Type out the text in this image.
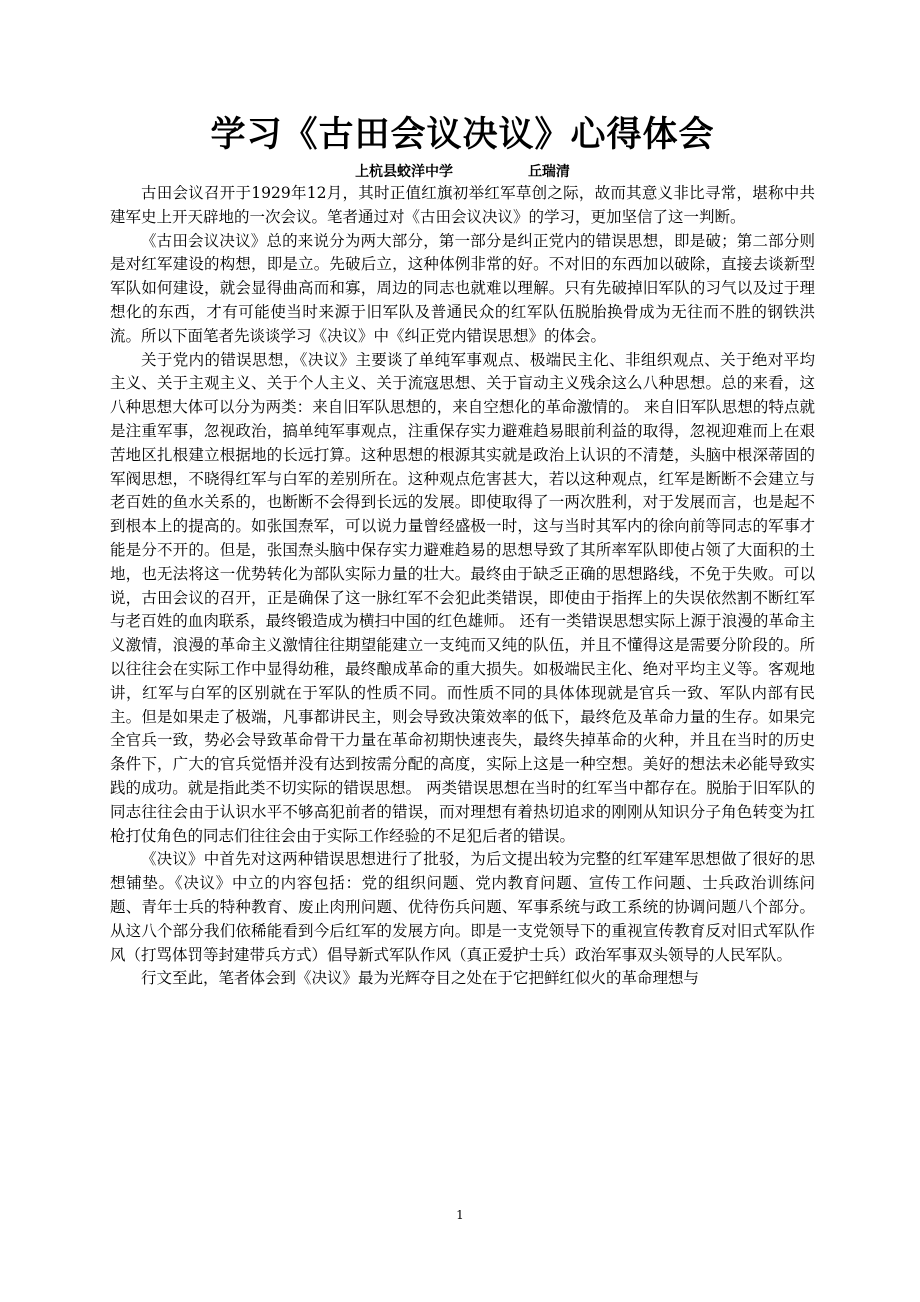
学习《古田会议决议》心得体会
上杭县蛟洋中学	丘瑞清

古田会议召开于1929年12月，其时正值红旗初举红军草创之际，故而其意义非比寻常，堪称中共建军史上开天辟地的一次会议。笔者通过对《古田会议决议》的学习，更加坚信了这一判断。

《古田会议决议》总的来说分为两大部分，第一部分是纠正党内的错误思想，即是破；第二部分则是对红军建设的构想，即是立。先破后立，这种体例非常的好。不对旧的东西加以破除，直接去谈新型军队如何建设，就会显得曲高而和寡，周边的同志也就难以理解。只有先破掉旧军队的习气以及过于理想化的东西，才有可能使当时来源于旧军队及普通民众的红军队伍脱胎换骨成为无往而不胜的钢铁洪流。所以下面笔者先谈谈学习《决议》中《纠正党内错误思想》的体会。

关于党内的错误思想，《决议》主要谈了单纯军事观点、极端民主化、非组织观点、关于绝对平均主义、关于主观主义、关于个人主义、关于流寇思想、关于盲动主义残余这么八种思想。总的来看，这八种思想大体可以分为两类：来自旧军队思想的，来自空想化的革命激情的。 来自旧军队思想的特点就是注重军事，忽视政治，搞单纯军事观点，注重保存实力避难趋易眼前利益的取得，忽视迎难而上在艰苦地区扎根建立根据地的长远打算。这种思想的根源其实就是政治上认识的不清楚，头脑中根深蒂固的军阀思想，不晓得红军与白军的差别所在。这种观点危害甚大，若以这种观点，红军是断断不会建立与老百姓的鱼水关系的，也断断不会得到长远的发展。即使取得了一两次胜利，对于发展而言，也是起不到根本上的提高的。如张国焘军，可以说力量曾经盛极一时，这与当时其军内的徐向前等同志的军事才能是分不开的。但是，张国焘头脑中保存实力避难趋易的思想导致了其所率军队即使占领了大面积的土地，也无法将这一优势转化为部队实际力量的壮大。最终由于缺乏正确的思想路线，不免于失败。可以说，古田会议的召开，正是确保了这一脉红军不会犯此类错误，即使由于指挥上的失误依然割不断红军与老百姓的血肉联系，最终锻造成为横扫中国的红色雄师。 还有一类错误思想实际上源于浪漫的革命主义激情，浪漫的革命主义激情往往期望能建立一支纯而又纯的队伍，并且不懂得这是需要分阶段的。所以往往会在实际工作中显得幼稚，最终酿成革命的重大损失。如极端民主化、绝对平均主义等。客观地讲，红军与白军的区别就在于军队的性质不同。而性质不同的具体体现就是官兵一致、军队内部有民主。但是如果走了极端，凡事都讲民主，则会导致决策效率的低下，最终危及革命力量的生存。如果完全官兵一致，势必会导致革命骨干力量在革命初期快速丧失，最终失掉革命的火种，并且在当时的历史条件下，广大的官兵觉悟并没有达到按需分配的高度，实际上这是一种空想。美好的想法未必能导致实践的成功。就是指此类不切实际的错误思想。 两类错误思想在当时的红军当中都存在。脱胎于旧军队的同志往往会由于认识水平不够高犯前者的错误，而对理想有着热切追求的刚刚从知识分子角色转变为扛枪打仗角色的同志们往往会由于实际工作经验的不足犯后者的错误。

《决议》中首先对这两种错误思想进行了批驳，为后文提出较为完整的红军建军思想做了很好的思想铺垫。《决议》中立的内容包括：党的组织问题、党内教育问题、宣传工作问题、士兵政治训练问题、青年士兵的特种教育、废止肉刑问题、优待伤兵问题、军事系统与政工系统的协调问题八个部分。 从这八个部分我们依稀能看到今后红军的发展方向。即是一支党领导下的重视宣传教育反对旧式军队作风（打骂体罚等封建带兵方式）倡导新式军队作风（真正爱护士兵）政治军事双头领导的人民军队。

行文至此，笔者体会到《决议》最为光辉夺目之处在于它把鲜红似火的革命理想与

1
